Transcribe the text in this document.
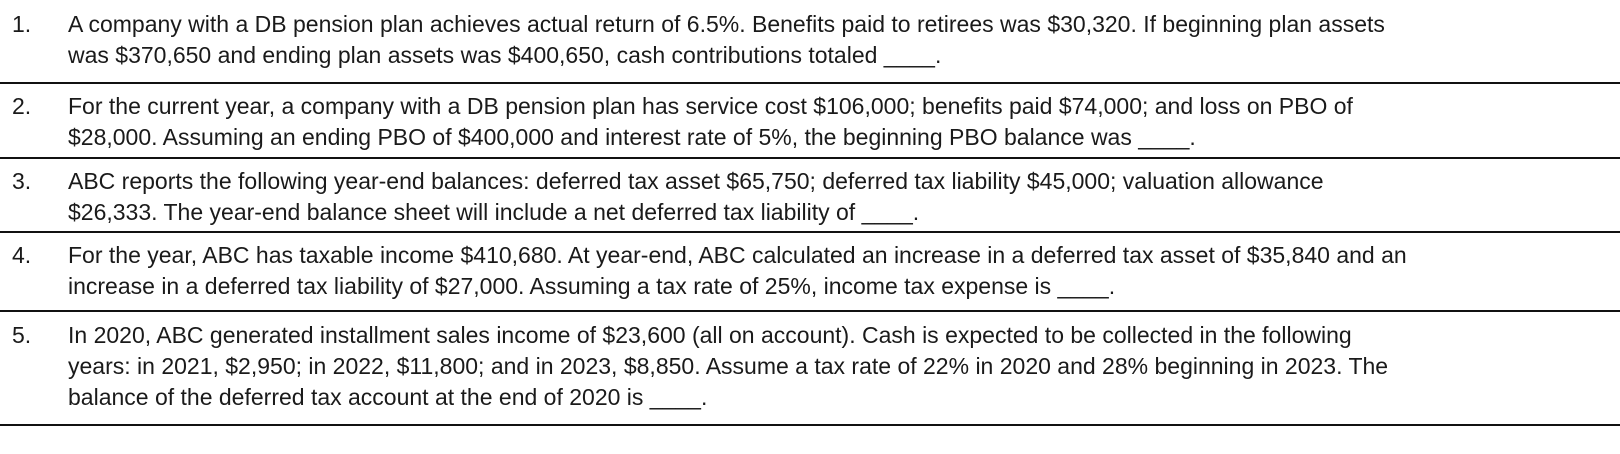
1. A company with a DB pension plan achieves actual return of 6.5%. Benefits paid to retirees was $30,320. If beginning plan assets
was $370,650 and ending plan assets was $400,650, cash contributions totaled ____.
2. For the current year, a company with a DB pension plan has service cost $106,000; benefits paid $74,000; and loss on PBO of
$28,000. Assuming an ending PBO of $400,000 and interest rate of 5%, the beginning PBO balance was ____.
3. ABC reports the following year-end balances: deferred tax asset $65,750; deferred tax liability $45,000; valuation allowance
$26,333. The year-end balance sheet will include a net deferred tax liability of ____.
4. For the year, ABC has taxable income $410,680. At year-end, ABC calculated an increase in a deferred tax asset of $35,840 and an
increase in a deferred tax liability of $27,000. Assuming a tax rate of 25%, income tax expense is ____.
5. In 2020, ABC generated installment sales income of $23,600 (all on account). Cash is expected to be collected in the following
years: in 2021, $2,950; in 2022, $11,800; and in 2023, $8,850. Assume a tax rate of 22% in 2020 and 28% beginning in 2023. The
balance of the deferred tax account at the end of 2020 is ____.
